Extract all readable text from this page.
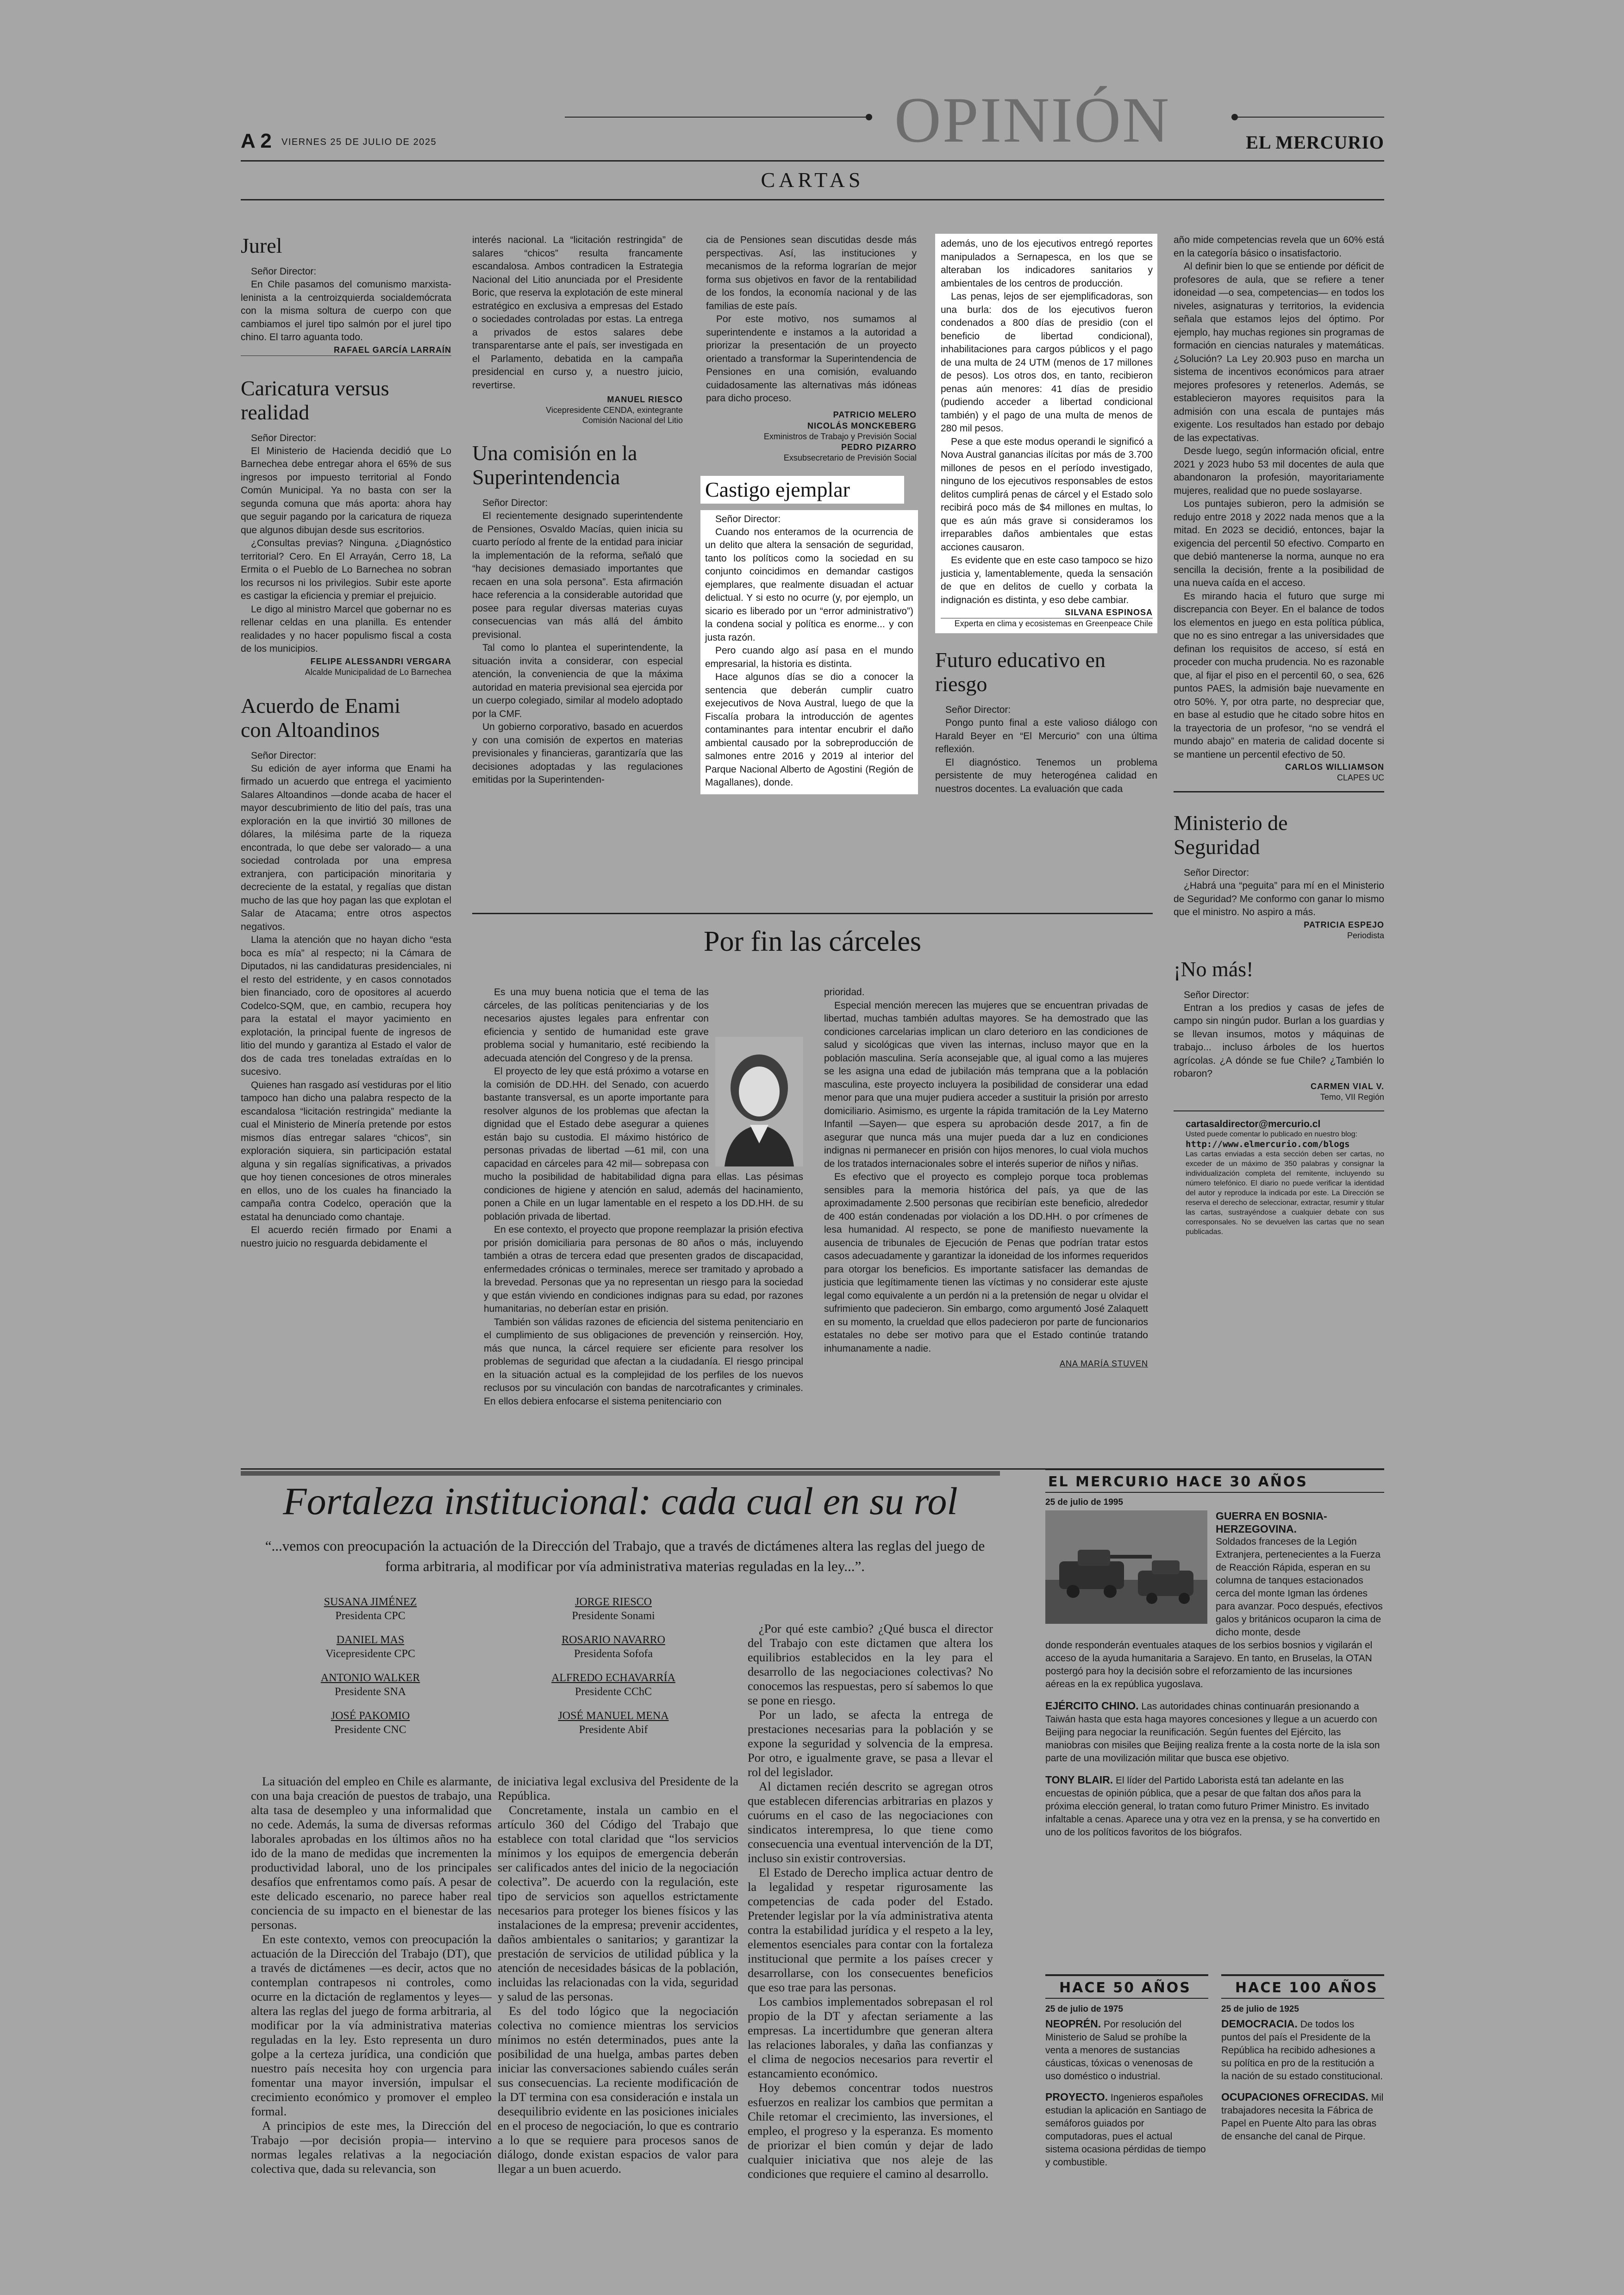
A 2 VIERNES 25 DE JULIO DE 2025	OPINIÓN	EL MERCURIO
CARTAS
Jurel
Señor Director:

En Chile pasamos del comunismo marxista-leninista a la centroizquierda socialdemócrata con la misma soltura de cuerpo con que cambiamos el jurel tipo salmón por el jurel tipo chino. El tarro aguanta todo.

RAFAEL GARCÍA LARRAÍN
Caricatura versus realidad
Señor Director:

El Ministerio de Hacienda decidió que Lo Barnechea debe entregar ahora el 65% de sus ingresos por impuesto territorial al Fondo Común Municipal. Ya no basta con ser la segunda comuna que más aporta: ahora hay que seguir pagando por la caricatura de riqueza que algunos dibujan desde sus escritorios.

¿Consultas previas? Ninguna. ¿Diagnóstico territorial? Cero. En El Arrayán, Cerro 18, La Ermita o el Pueblo de Lo Barnechea no sobran los recursos ni los privilegios. Subir este aporte es castigar la eficiencia y premiar el prejuicio.

Le digo al ministro Marcel que gobernar no es rellenar celdas en una planilla. Es entender realidades y no hacer populismo fiscal a costa de los municipios.

FELIPE ALESSANDRI VERGARA
Alcalde Municipalidad de Lo Barnechea
Acuerdo de Enami con Altoandinos
Señor Director:

Su edición de ayer informa que Enami ha firmado un acuerdo que entrega el yacimiento Salares Altoandinos —donde acaba de hacer el mayor descubrimiento de litio del país, tras una exploración en la que invirtió 30 millones de dólares, la milésima parte de la riqueza encontrada, lo que debe ser valorado— a una sociedad controlada por una empresa extranjera, con participación minoritaria y decreciente de la estatal, y regalías que distan mucho de las que hoy pagan las que explotan el Salar de Atacama; entre otros aspectos negativos.

Llama la atención que no hayan dicho “esta boca es mía” al respecto; ni la Cámara de Diputados, ni las candidaturas presidenciales, ni el resto del estridente, y en casos connotados bien financiado, coro de opositores al acuerdo Codelco-SQM, que, en cambio, recupera hoy para la estatal el mayor yacimiento en explotación, la principal fuente de ingresos de litio del mundo y garantiza al Estado el valor de dos de cada tres toneladas extraídas en lo sucesivo.

Quienes han rasgado así vestiduras por el litio tampoco han dicho una palabra respecto de la escandalosa “licitación restringida” mediante la cual el Ministerio de Minería pretende por estos mismos días entregar salares “chicos”, sin exploración siquiera, sin participación estatal alguna y sin regalías significativas, a privados que hoy tienen concesiones de otros minerales en ellos, uno de los cuales ha financiado la campaña contra Codelco, operación que la estatal ha denunciado como chantaje.

El acuerdo recién firmado por Enami a nuestro juicio no resguarda debidamente el

interés nacional. La “licitación restringida” de salares “chicos” resulta francamente escandalosa. Ambos contradicen la Estrategia Nacional del Litio anunciada por el Presidente Boric, que reserva la explotación de este mineral estratégico en exclusiva a empresas del Estado o sociedades controladas por estas. La entrega a privados de estos salares debe transparentarse ante el país, ser investigada en el Parlamento, debatida en la campaña presidencial en curso y, a nuestro juicio, revertirse.

MANUEL RIESCO
Vicepresidente CENDA, exintegrante Comisión Nacional del Litio
Una comisión en la Superintendencia
Señor Director:

El recientemente designado superintendente de Pensiones, Osvaldo Macías, quien inicia su cuarto período al frente de la entidad para iniciar la implementación de la reforma, señaló que “hay decisiones demasiado importantes que recaen en una sola persona”. Esta afirmación hace referencia a la considerable autoridad que posee para regular diversas materias cuyas consecuencias van más allá del ámbito previsional.

Tal como lo plantea el superintendente, la situación invita a considerar, con especial atención, la conveniencia de que la máxima autoridad en materia previsional sea ejercida por un cuerpo colegiado, similar al modelo adoptado por la CMF.

Un gobierno corporativo, basado en acuerdos y con una comisión de expertos en materias previsionales y financieras, garantizaría que las decisiones adoptadas y las regulaciones emitidas por la Superintenden-

cia de Pensiones sean discutidas desde más perspectivas. Así, las instituciones y mecanismos de la reforma lograrían de mejor forma sus objetivos en favor de la rentabilidad de los fondos, la economía nacional y de las familias de este país.

Por este motivo, nos sumamos al superintendente e instamos a la autoridad a priorizar la presentación de un proyecto orientado a transformar la Superintendencia de Pensiones en una comisión, evaluando cuidadosamente las alternativas más idóneas para dicho proceso.

PATRICIO MELERO
NICOLÁS MONCKEBERG
Exministros de Trabajo y Previsión Social
PEDRO PIZARRO
Exsubsecretario de Previsión Social
Castigo ejemplar
Señor Director:

Cuando nos enteramos de la ocurrencia de un delito que altera la sensación de seguridad, tanto los políticos como la sociedad en su conjunto coincidimos en demandar castigos ejemplares, que realmente disuadan el actuar delictual. Y si esto no ocurre (y, por ejemplo, un sicario es liberado por un “error administrativo”) la condena social y política es enorme... y con justa razón.

Pero cuando algo así pasa en el mundo empresarial, la historia es distinta.

Hace algunos días se dio a conocer la sentencia que deberán cumplir cuatro exejecutivos de Nova Austral, luego de que la Fiscalía probara la introducción de agentes contaminantes para intentar encubrir el daño ambiental causado por la sobreproducción de salmones entre 2016 y 2019 al interior del Parque Nacional Alberto de Agostini (Región de Magallanes), donde.

además, uno de los ejecutivos entregó reportes manipulados a Sernapesca, en los que se alteraban los indicadores sanitarios y ambientales de los centros de producción.

Las penas, lejos de ser ejemplificadoras, son una burla: dos de los ejecutivos fueron condenados a 800 días de presidio (con el beneficio de libertad condicional), inhabilitaciones para cargos públicos y el pago de una multa de 24 UTM (menos de 17 millones de pesos). Los otros dos, en tanto, recibieron penas aún menores: 41 días de presidio (pudiendo acceder a libertad condicional también) y el pago de una multa de menos de 280 mil pesos.

Pese a que este modus operandi le significó a Nova Austral ganancias ilícitas por más de 3.700 millones de pesos en el período investigado, ninguno de los ejecutivos responsables de estos delitos cumplirá penas de cárcel y el Estado solo recibirá poco más de $4 millones en multas, lo que es aún más grave si consideramos los irreparables daños ambientales que estas acciones causaron.

Es evidente que en este caso tampoco se hizo justicia y, lamentablemente, queda la sensación de que en delitos de cuello y corbata la indignación es distinta, y eso debe cambiar.

SILVANA ESPINOSA
Experta en clima y ecosistemas en Greenpeace Chile
Futuro educativo en riesgo
Señor Director:

Pongo punto final a este valioso diálogo con Harald Beyer en “El Mercurio” con una última reflexión.

El diagnóstico. Tenemos un problema persistente de muy heterogénea calidad en nuestros docentes. La evaluación que cada

año mide competencias revela que un 60% está en la categoría básico o insatisfactorio.

Al definir bien lo que se entiende por déficit de profesores de aula, que se refiere a tener idoneidad —o sea, competencias— en todos los niveles, asignaturas y territorios, la evidencia señala que estamos lejos del óptimo. Por ejemplo, hay muchas regiones sin programas de formación en ciencias naturales y matemáticas. ¿Solución? La Ley 20.903 puso en marcha un sistema de incentivos económicos para atraer mejores profesores y retenerlos. Además, se establecieron mayores requisitos para la admisión con una escala de puntajes más exigente. Los resultados han estado por debajo de las expectativas.

Desde luego, según información oficial, entre 2021 y 2023 hubo 53 mil docentes de aula que abandonaron la profesión, mayoritariamente mujeres, realidad que no puede soslayarse.

Los puntajes subieron, pero la admisión se redujo entre 2018 y 2022 nada menos que a la mitad. En 2023 se decidió, entonces, bajar la exigencia del percentil 50 efectivo. Comparto en que debió mantenerse la norma, aunque no era sencilla la decisión, frente a la posibilidad de una nueva caída en el acceso.

Es mirando hacia el futuro que surge mi discrepancia con Beyer. En el balance de todos los elementos en juego en esta política pública, que no es sino entregar a las universidades que definan los requisitos de acceso, sí está en proceder con mucha prudencia. No es razonable que, al fijar el piso en el percentil 60, o sea, 626 puntos PAES, la admisión baje nuevamente en otro 50%. Y, por otra parte, no despreciar que, en base al estudio que he citado sobre hitos en la trayectoria de un profesor, “no se vendrá el mundo abajo” en materia de calidad docente si se mantiene un percentil efectivo de 50.

CARLOS WILLIAMSON
CLAPES UC
Ministerio de Seguridad
Señor Director:

¿Habrá una “peguita” para mí en el Ministerio de Seguridad? Me conformo con ganar lo mismo que el ministro. No aspiro a más.

PATRICIA ESPEJO
Periodista
¡No más!
Señor Director:

Entran a los predios y casas de jefes de campo sin ningún pudor. Burlan a los guardias y se llevan insumos, motos y máquinas de trabajo... incluso árboles de los huertos agrícolas. ¿A dónde se fue Chile? ¿También lo robaron?

CARMEN VIAL V.
Temo, VII Región
cartasaldirector@mercurio.cl
Usted puede comentar lo publicado en nuestro blog:
http://www.elmercurio.com/blogs
Las cartas enviadas a esta sección deben ser cartas, no exceder de un máximo de 350 palabras y consignar la individualización completa del remitente, incluyendo su número telefónico. El diario no puede verificar la identidad del autor y reproduce la indicada por este. La Dirección se reserva el derecho de seleccionar, extractar, resumir y titular las cartas, sustrayéndose a cualquier debate con sus corresponsales. No se devuelven las cartas que no sean publicadas.
Por fin las cárceles

Es una muy buena noticia que el tema de las cárceles, de las políticas penitenciarias y de los necesarios ajustes legales para enfrentar con eficiencia y sentido de humanidad este grave problema social y humanitario, esté recibiendo la adecuada atención del Congreso y de la prensa.

El proyecto de ley que está próximo a votarse en la comisión de DD.HH. del Senado, con acuerdo bastante transversal, es un aporte importante para resolver algunos de los problemas que afectan la dignidad que el Estado debe asegurar a quienes están bajo su custodia. El máximo histórico de personas privadas de libertad —61 mil, con una capacidad en cárceles para 42 mil— sobrepasa con mucho la posibilidad de habitabilidad digna para ellas. Las pésimas condiciones de higiene y atención en salud, además del hacinamiento, ponen a Chile en un lugar lamentable en el respeto a los DD.HH. de su población privada de libertad.

En ese contexto, el proyecto que propone reemplazar la prisión efectiva por prisión domiciliaria para personas de 80 años o más, incluyendo también a otras de tercera edad que presenten grados de discapacidad, enfermedades crónicas o terminales, merece ser tramitado y aprobado a la brevedad. Personas que ya no representan un riesgo para la sociedad y que están viviendo en condiciones indignas para su edad, por razones humanitarias, no deberían estar en prisión.

También son válidas razones de eficiencia del sistema penitenciario en el cumplimiento de sus obligaciones de prevención y reinserción. Hoy, más que nunca, la cárcel requiere ser eficiente para resolver los problemas de seguridad que afectan a la ciudadanía. El riesgo principal en la situación actual es la complejidad de los perfiles de los nuevos reclusos por su vinculación con bandas de narcotraficantes y criminales. En ellos debiera enfocarse el sistema penitenciario con

prioridad.

Especial mención merecen las mujeres que se encuentran privadas de libertad, muchas también adultas mayores. Se ha demostrado que las condiciones carcelarias implican un claro deterioro en las condiciones de salud y sicológicas que viven las internas, incluso mayor que en la población masculina. Sería aconsejable que, al igual como a las mujeres se les asigna una edad de jubilación más temprana que a la población masculina, este proyecto incluyera la posibilidad de considerar una edad menor para que una mujer pudiera acceder a sustituir la prisión por arresto domiciliario. Asimismo, es urgente la rápida tramitación de la Ley Materno Infantil —Sayen— que espera su aprobación desde 2017, a fin de asegurar que nunca más una mujer pueda dar a luz en condiciones indignas ni permanecer en prisión con hijos menores, lo cual viola muchos de los tratados internacionales sobre el interés superior de niños y niñas.

Es efectivo que el proyecto es complejo porque toca problemas sensibles para la memoria histórica del país, ya que de las aproximadamente 2.500 personas que recibirían este beneficio, alrededor de 400 están condenadas por violación a los DD.HH. o por crímenes de lesa humanidad. Al respecto, se pone de manifiesto nuevamente la ausencia de tribunales de Ejecución de Penas que podrían tratar estos casos adecuadamente y garantizar la idoneidad de los informes requeridos para otorgar los beneficios. Es importante satisfacer las demandas de justicia que legítimamente tienen las víctimas y no considerar este ajuste legal como equivalente a un perdón ni a la pretensión de negar u olvidar el sufrimiento que padecieron. Sin embargo, como argumentó José Zalaquett en su momento, la crueldad que ellos padecieron por parte de funcionarios estatales no debe ser motivo para que el Estado continúe tratando inhumanamente a nadie.

ANA MARÍA STUVEN
Fortaleza institucional: cada cual en su rol
“...vemos con preocupación la actuación de la Dirección del Trabajo, que a través de dictámenes altera las reglas del juego de forma arbitraria, al modificar por vía administrativa materias reguladas en la ley...”.
SUSANA JIMÉNEZ
Presidenta CPC
DANIEL MAS
Vicepresidente CPC
ANTONIO WALKER
Presidente SNA
JOSÉ PAKOMIO
Presidente CNC
JORGE RIESCO
Presidente Sonami
ROSARIO NAVARRO
Presidenta Sofofa
ALFREDO ECHAVARRÍA
Presidente CChC
JOSÉ MANUEL MENA
Presidente Abif

La situación del empleo en Chile es alarmante, con una baja creación de puestos de trabajo, una alta tasa de desempleo y una informalidad que no cede. Además, la suma de diversas reformas laborales aprobadas en los últimos años no ha ido de la mano de medidas que incrementen la productividad laboral, uno de los principales desafíos que enfrentamos como país. A pesar de este delicado escenario, no parece haber real conciencia de su impacto en el bienestar de las personas.

En este contexto, vemos con preocupación la actuación de la Dirección del Trabajo (DT), que a través de dictámenes —es decir, actos que no contemplan contrapesos ni controles, como ocurre en la dictación de reglamentos y leyes— altera las reglas del juego de forma arbitraria, al modificar por la vía administrativa materias reguladas en la ley. Esto representa un duro golpe a la certeza jurídica, una condición que nuestro país necesita hoy con urgencia para fomentar una mayor inversión, impulsar el crecimiento económico y promover el empleo formal.

A principios de este mes, la Dirección del Trabajo —por decisión propia— intervino normas legales relativas a la negociación colectiva que, dada su relevancia, son

de iniciativa legal exclusiva del Presidente de la República.

Concretamente, instala un cambio en el artículo 360 del Código del Trabajo que establece con total claridad que “los servicios mínimos y los equipos de emergencia deberán ser calificados antes del inicio de la negociación colectiva”. De acuerdo con la regulación, este tipo de servicios son aquellos estrictamente necesarios para proteger los bienes físicos y las instalaciones de la empresa; prevenir accidentes, daños ambientales o sanitarios; y garantizar la prestación de servicios de utilidad pública y la atención de necesidades básicas de la población, incluidas las relacionadas con la vida, seguridad y salud de las personas.

Es del todo lógico que la negociación colectiva no comience mientras los servicios mínimos no estén determinados, pues ante la posibilidad de una huelga, ambas partes deben iniciar las conversaciones sabiendo cuáles serán sus consecuencias. La reciente modificación de la DT termina con esa consideración e instala un desequilibrio evidente en las posiciones iniciales en el proceso de negociación, lo que es contrario a lo que se requiere para procesos sanos de diálogo, donde existan espacios de valor para llegar a un buen acuerdo.

¿Por qué este cambio? ¿Qué busca el director del Trabajo con este dictamen que altera los equilibrios establecidos en la ley para el desarrollo de las negociaciones colectivas? No conocemos las respuestas, pero sí sabemos lo que se pone en riesgo.

Por un lado, se afecta la entrega de prestaciones necesarias para la población y se expone la seguridad y solvencia de la empresa. Por otro, e igualmente grave, se pasa a llevar el rol del legislador.

Al dictamen recién descrito se agregan otros que establecen diferencias arbitrarias en plazos y cuórums en el caso de las negociaciones con sindicatos interempresa, lo que tiene como consecuencia una eventual intervención de la DT, incluso sin existir controversias.

El Estado de Derecho implica actuar dentro de la legalidad y respetar rigurosamente las competencias de cada poder del Estado. Pretender legislar por la vía administrativa atenta contra la estabilidad jurídica y el respeto a la ley, elementos esenciales para contar con la fortaleza institucional que permite a los países crecer y desarrollarse, con los consecuentes beneficios que eso trae para las personas.

Los cambios implementados sobrepasan el rol propio de la DT y afectan seriamente a las empresas. La incertidumbre que generan altera las relaciones laborales, y daña las confianzas y el clima de negocios necesarios para revertir el estancamiento económico.

Hoy debemos concentrar todos nuestros esfuerzos en realizar los cambios que permitan a Chile retomar el crecimiento, las inversiones, el empleo, el progreso y la esperanza. Es momento de priorizar el bien común y dejar de lado cualquier iniciativa que nos aleje de las condiciones que requiere el camino al desarrollo.

EL MERCURIO HACE 30 AÑOS
25 de julio de 1995
GUERRA EN BOSNIA-HERZEGOVINA.
Soldados franceses de la Legión Extranjera, pertenecientes a la Fuerza de Reacción Rápida, esperan en su columna de tanques estacionados cerca del monte Igman las órdenes para avanzar. Poco después, efectivos galos y británicos ocuparon la cima de dicho monte, desde
donde responderán eventuales ataques de los serbios bosnios y vigilarán el acceso de la ayuda humanitaria a Sarajevo. En tanto, en Bruselas, la OTAN postergó para hoy la decisión sobre el reforzamiento de las incursiones aéreas en la ex república yugoslava.
EJÉRCITO CHINO. Las autoridades chinas continuarán presionando a Taiwán hasta que esta haga mayores concesiones y llegue a un acuerdo con Beijing para negociar la reunificación. Según fuentes del Ejército, las maniobras con misiles que Beijing realiza frente a la costa norte de la isla son parte de una movilización militar que busca ese objetivo.
TONY BLAIR. El líder del Partido Laborista está tan adelante en las encuestas de opinión pública, que a pesar de que faltan dos años para la próxima elección general, lo tratan como futuro Primer Ministro. Es invitado infaltable a cenas. Aparece una y otra vez en la prensa, y se ha convertido en uno de los políticos favoritos de los biógrafos.
HACE 50 AÑOS
25 de julio de 1975
NEOPRÉN. Por resolución del Ministerio de Salud se prohíbe la venta a menores de sustancias cáusticas, tóxicas o venenosas de uso doméstico o industrial.
PROYECTO. Ingenieros españoles estudian la aplicación en Santiago de semáforos guiados por computadoras, pues el actual sistema ocasiona pérdidas de tiempo y combustible.
HACE 100 AÑOS
25 de julio de 1925
DEMOCRACIA. De todos los puntos del país el Presidente de la República ha recibido adhesiones a su política en pro de la restitución a la nación de su estado constitucional.
OCUPACIONES OFRECIDAS. Mil trabajadores necesita la Fábrica de Papel en Puente Alto para las obras de ensanche del canal de Pirque.
